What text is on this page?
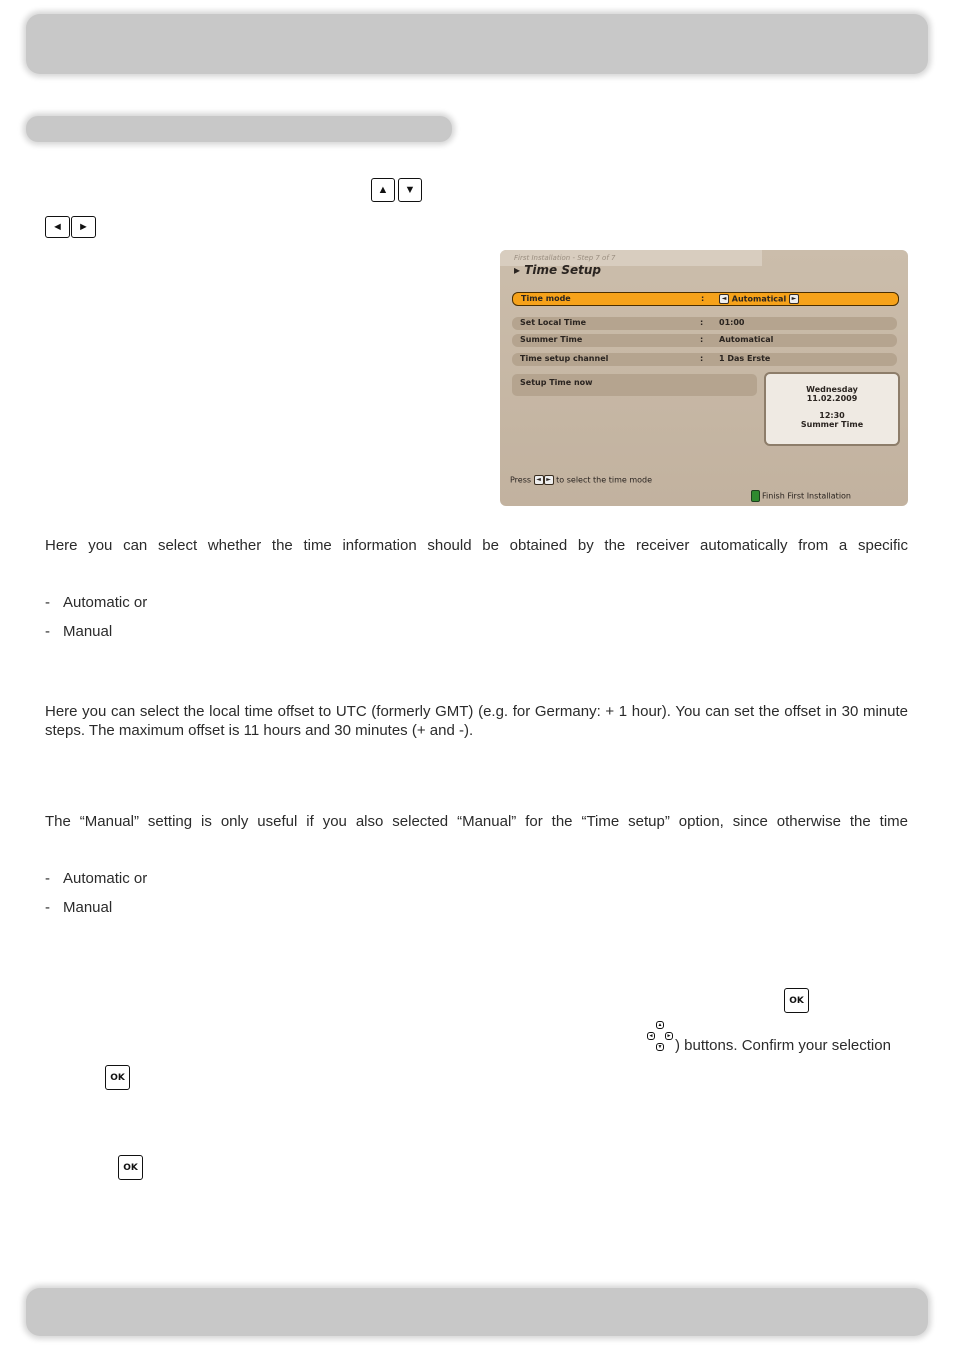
▲	▼
◄	►
First Installation - Step 7 of 7
▸ Time Setup
Time mode	:	◄ Automatical ►
Set Local Time	: 01:00
Summer Time	: Automatical
Time setup channel	: 1 Das Erste
Setup Time now
Wednesday
11.02.2009
12:30
Summer Time
Press ◄ ► to select the time mode
Finish First Installation

Here you can select whether the time information should be obtained by the receiver automatically from a specific

- Automatic or
- Manual

Here you can select the local time offset to UTC (formerly GMT) (e.g. for Germany: + 1 hour). You can set the offset in 30 minute steps. The maximum offset is 11 hours and 30 minutes (+ and -).

The “Manual” setting is only useful if you also selected “Manual” for the “Time setup” option, since otherwise the time

- Automatic or
- Manual
OK
OK
OK
▲
◄	►
▼ ) buttons. Confirm your selection
